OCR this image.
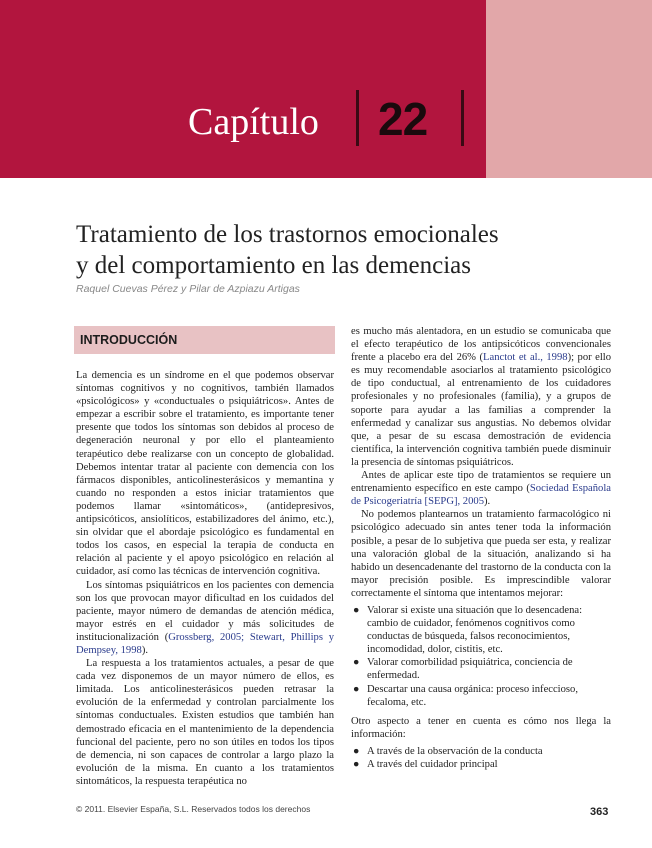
Capítulo 22
Tratamiento de los trastornos emocionales
y del comportamiento en las demencias
Raquel Cuevas Pérez y Pilar de Azpiazu Artigas
INTRODUCCIÓN

La demencia es un síndrome en el que podemos observar síntomas cognitivos y no cognitivos, también llamados «psicológicos» y «conductuales o psiquiátricos». Antes de empezar a escribir sobre el tratamiento, es importante tener presente que todos los síntomas son debidos al proceso de degeneración neuronal y por ello el planteamiento terapéutico debe realizarse con un concepto de globalidad. Debemos intentar tratar al paciente con demencia con los fármacos disponibles, anticolinesterásicos y memantina y cuando no responden a estos iniciar tratamientos que podemos llamar «sintomáticos», (antidepresivos, antipsicóticos, ansiolíticos, estabilizadores del ánimo, etc.), sin olvidar que el abordaje psicológico es fundamental en todos los casos, en especial la terapia de conducta en relación al paciente y el apoyo psicológico en relación al cuidador, así como las técnicas de intervención cognitiva.

Los síntomas psiquiátricos en los pacientes con demencia son los que provocan mayor dificultad en los cuidados del paciente, mayor número de demandas de atención médica, mayor estrés en el cuidador y más solicitudes de institucionalización (Grossberg, 2005; Stewart, Phillips y Dempsey, 1998).

La respuesta a los tratamientos actuales, a pesar de que cada vez disponemos de un mayor número de ellos, es limitada. Los anticolinesterásicos pueden retrasar la evolución de la enfermedad y controlan parcialmente los síntomas conductuales. Existen estudios que también han demostrado eficacia en el mantenimiento de la dependencia funcional del paciente, pero no son útiles en todos los tipos de demencia, ni son capaces de controlar a largo plazo la evolución de la misma. En cuanto a los tratamientos sintomáticos, la respuesta terapéutica no

es mucho más alentadora, en un estudio se comunicaba que el efecto terapéutico de los antipsicóticos convencionales frente a placebo era del 26% (Lanctot et al., 1998); por ello es muy recomendable asociarlos al tratamiento psicológico de tipo conductual, al entrenamiento de los cuidadores profesionales y no profesionales (familia), y a grupos de soporte para ayudar a las familias a comprender la enfermedad y canalizar sus angustias. No debemos olvidar que, a pesar de su escasa demostración de evidencia científica, la intervención cognitiva también puede disminuir la presencia de síntomas psiquiátricos.

Antes de aplicar este tipo de tratamientos se requiere un entrenamiento específico en este campo (Sociedad Española de Psicogeriatría [SEPG], 2005).

No podemos plantearnos un tratamiento farmacológico ni psicológico adecuado sin antes tener toda la información posible, a pesar de lo subjetiva que pueda ser esta, y realizar una valoración global de la situación, analizando si ha habido un desencadenante del trastorno de la conducta con la mayor precisión posible. Es imprescindible valorar correctamente el síntoma que intentamos mejorar:

● Valorar si existe una situación que lo desencadena: cambio de cuidador, fenómenos cognitivos como conductas de búsqueda, falsos reconocimientos, incomodidad, dolor, cistitis, etc.
● Valorar comorbilidad psiquiátrica, conciencia de enfermedad.
● Descartar una causa orgánica: proceso infeccioso, fecaloma, etc.

Otro aspecto a tener en cuenta es cómo nos llega la información:

● A través de la observación de la conducta
● A través del cuidador principal
© 2011. Elsevier España, S.L. Reservados todos los derechos	363
